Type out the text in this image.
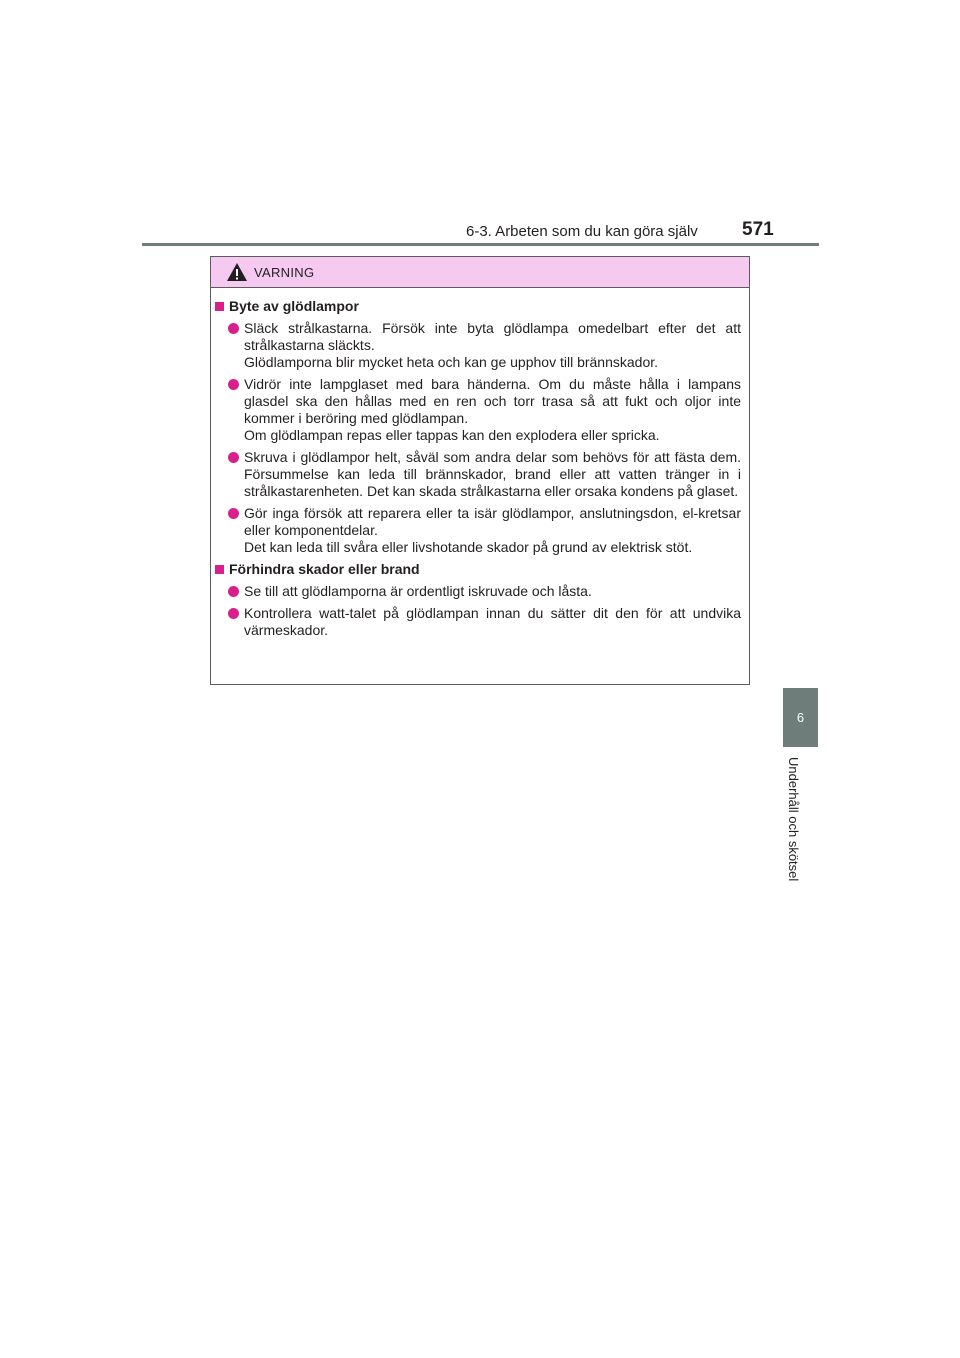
6-3. Arbeten som du kan göra själv 571
6
Underhåll och skötsel
VARNING
Byte av glödlampor
Släck strålkastarna. Försök inte byta glödlampa omedelbart efter det att strålkastarna släckts.
Glödlamporna blir mycket heta och kan ge upphov till brännskador.
Vidrör inte lampglaset med bara händerna. Om du måste hålla i lampans glasdel ska den hållas med en ren och torr trasa så att fukt och oljor inte kommer i beröring med glödlampan.
Om glödlampan repas eller tappas kan den explodera eller spricka.
Skruva i glödlampor helt, såväl som andra delar som behövs för att fästa dem. Försummelse kan leda till brännskador, brand eller att vatten tränger in i strålkastarenheten. Det kan skada strålkastarna eller orsaka kondens på glaset.
Gör inga försök att reparera eller ta isär glödlampor, anslutningsdon, el-kretsar eller komponentdelar.
Det kan leda till svåra eller livshotande skador på grund av elektrisk stöt.
Förhindra skador eller brand
Se till att glödlamporna är ordentligt iskruvade och låsta.
Kontrollera watt-talet på glödlampan innan du sätter dit den för att undvika värmeskador.
